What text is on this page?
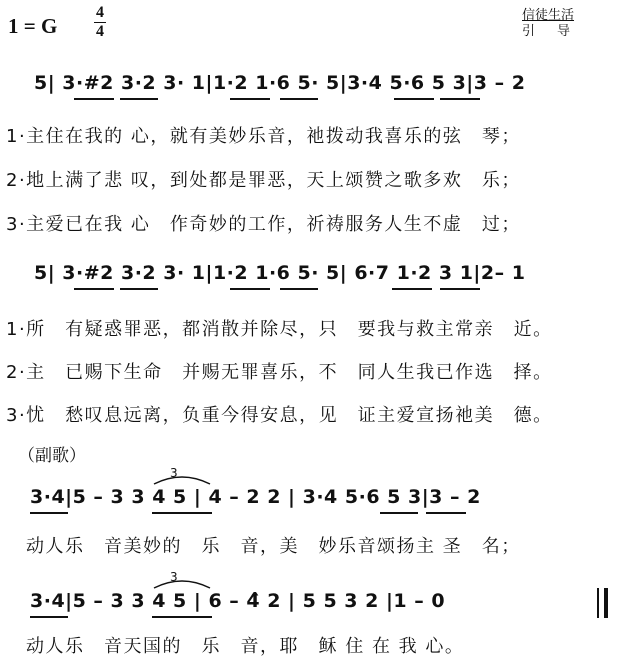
1 = G
4
4
信徒生活
引导
5| 3·#2 3·2 3· 1|1·2 1·6 5· 5|3·4 5·6 5 3|3 – 2
1·主住在我的 心，就有美妙乐音，祂拨动我喜乐的弦　琴；
2·地上满了悲 叹，到处都是罪恶，天上颂赞之歌多欢　乐；
3·主爱已在我 心　作奇妙的工作，祈祷服务人生不虚　过；
5| 3·#2 3·2 3· 1|1·2 1·6 5· 5| 6·7 1·2 3 1|2– 1
1·所　有疑惑罪恶，都消散并除尽，只　要我与救主常亲　近。
2·主　已赐下生命　并赐无罪喜乐，不　同人生我已作选　择。
3·忧　愁叹息远离，负重今得安息，见　证主爱宣扬祂美　德。
（副歌）
3
3·4|5 – 3 3 4 5 | 4 – 2 2 | 3·4 5·6 5 3|3 – 2
动人乐　音美妙的　乐　音，美　妙乐音颂扬主 圣　名；
3
3·4|5 – 3 3 4 5 | 6 – 4̂ 2 | 5 5 3 2 |1 – 0
动人乐　音天国的　乐　音，耶　稣 住 在 我 心。
